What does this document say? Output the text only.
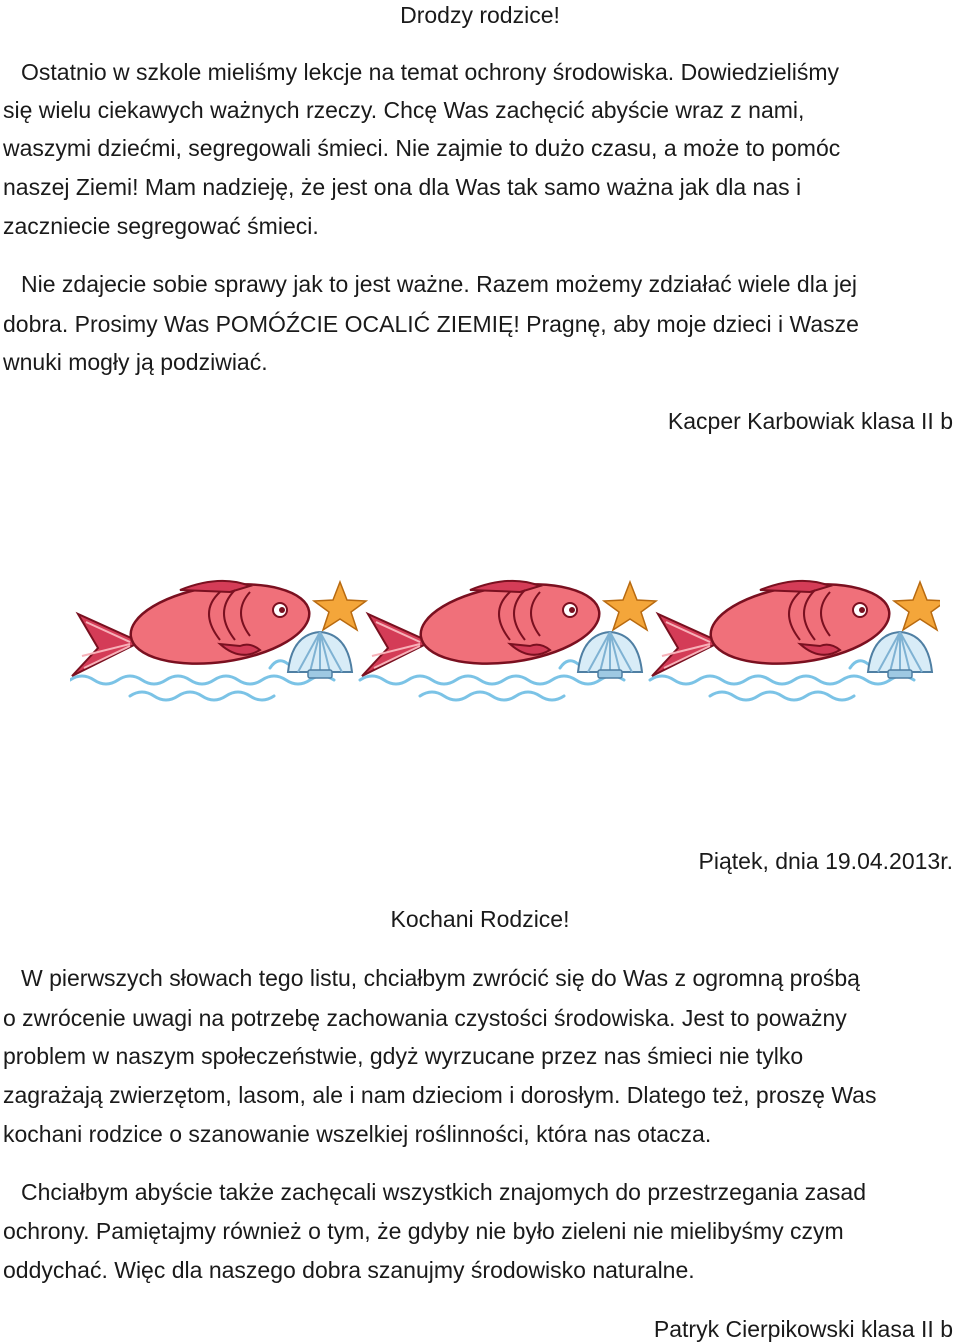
Drodzy rodzice!
Ostatnio w szkole mieliśmy lekcje na temat ochrony środowiska. Dowiedzieliśmy
się wielu ciekawych ważnych rzeczy. Chcę Was zachęcić abyście wraz z nami,
waszymi dziećmi, segregowali śmieci. Nie zajmie to dużo czasu, a może to pomóc
naszej Ziemi! Mam nadzieję, że jest ona dla Was tak samo ważna jak dla nas i
zaczniecie segregować śmieci.
Nie zdajecie sobie sprawy jak to jest ważne. Razem możemy zdziałać wiele dla jej
dobra. Prosimy Was POMÓŹCIE OCALIĆ ZIEMIĘ! Pragnę, aby moje dzieci i Wasze
wnuki mogły ją podziwiać.
Kacper Karbowiak klasa II b
Piątek, dnia 19.04.2013r.
Kochani Rodzice!
W pierwszych słowach tego listu, chciałbym zwrócić się do Was z ogromną prośbą
o zwrócenie uwagi na potrzebę zachowania czystości środowiska. Jest to poważny
problem w naszym społeczeństwie, gdyż wyrzucane przez nas śmieci nie tylko
zagrażają zwierzętom, lasom, ale i nam dzieciom i dorosłym. Dlatego też, proszę Was
kochani rodzice o szanowanie wszelkiej roślinności, która nas otacza.
Chciałbym abyście także zachęcali wszystkich znajomych do przestrzegania zasad
ochrony. Pamiętajmy również o tym, że gdyby nie było zieleni nie mielibyśmy czym
oddychać. Więc dla naszego dobra szanujmy środowisko naturalne.
Patryk Cierpikowski klasa II b
